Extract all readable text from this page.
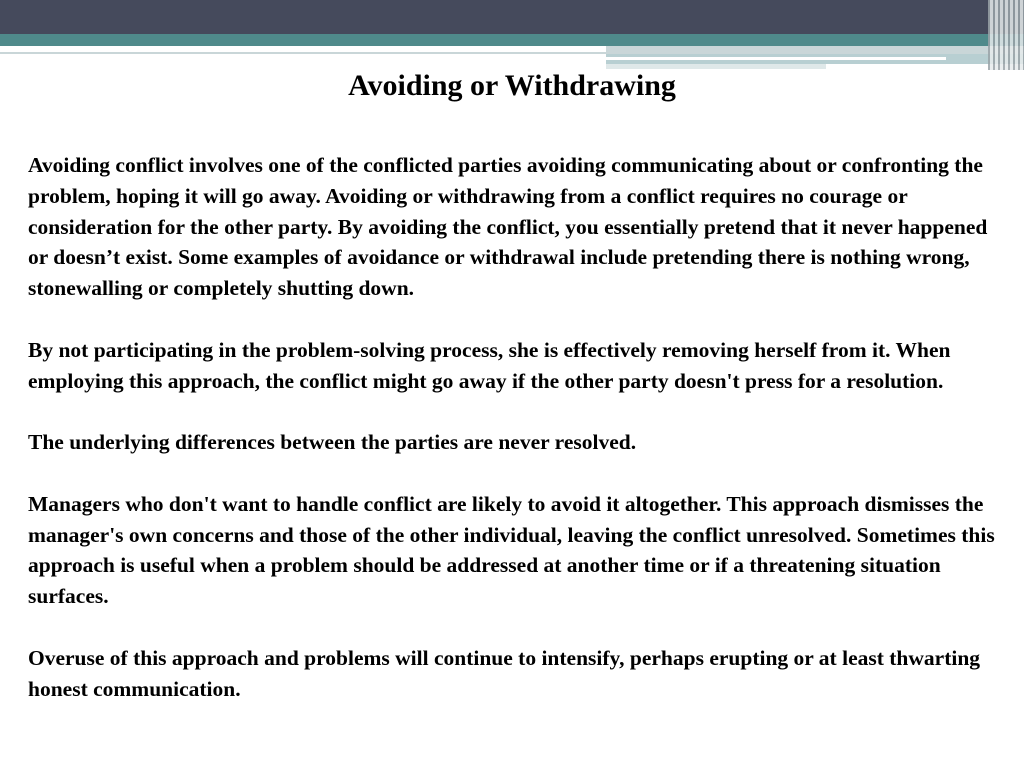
Avoiding or Withdrawing

Avoiding conflict involves one of the conflicted parties avoiding communicating about or confronting the problem, hoping it will go away. Avoiding or withdrawing from a conflict requires no courage or consideration for the other party. By avoiding the conflict, you essentially pretend that it never happened or doesn’t exist. Some examples of avoidance or withdrawal include pretending there is nothing wrong, stonewalling or completely shutting down.

By not participating in the problem-solving process, she is effectively removing herself from it. When employing this approach, the conflict might go away if the other party doesn't press for a resolution.

The underlying differences between the parties are never resolved.

Managers who don't want to handle conflict are likely to avoid it altogether. This approach dismisses the manager's own concerns and those of the other individual, leaving the conflict unresolved. Sometimes this approach is useful when a problem should be addressed at another time or if a threatening situation surfaces.

Overuse of this approach and problems will continue to intensify, perhaps erupting or at least thwarting honest communication.
